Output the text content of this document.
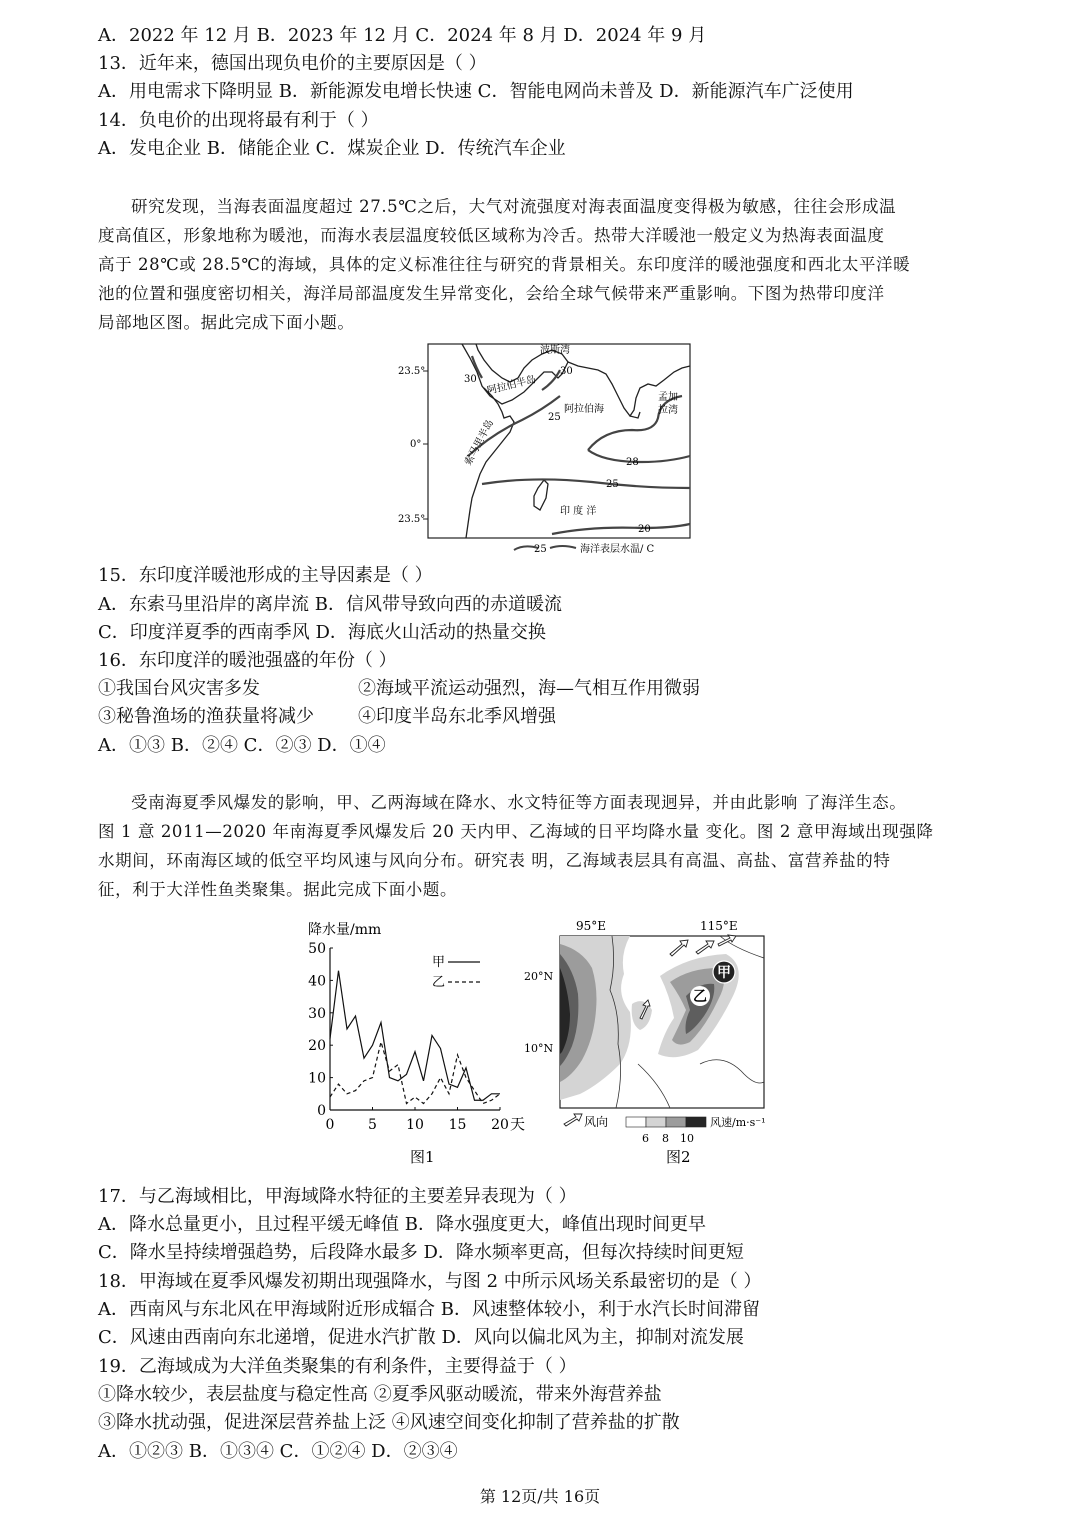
A．2022 年 12 月 B．2023 年 12 月 C．2024 年 8 月 D．2024 年 9 月
13．近年来，德国出现负电价的主要原因是（ ）
A．用电需求下降明显 B．新能源发电增长快速 C．智能电网尚未普及 D．新能源汽车广泛使用
14．负电价的出现将最有利于（ ）
A．发电企业 B．储能企业 C．煤炭企业 D．传统汽车企业
研究发现，当海表面温度超过 27.5℃之后，大气对流强度对海表面温度变得极为敏感，往往会形成温
度高值区，形象地称为暖池，而海水表层温度较低区域称为冷舌。热带大洋暖池一般定义为热海表面温度
高于 28℃或 28.5℃的海域，具体的定义标准往往与研究的背景相关。东印度洋的暖池强度和西北太平洋暖
池的位置和强度密切相关，海洋局部温度发生异常变化，会给全球气候带来严重影响。下图为热带印度洋
局部地区图。据此完成下面小题。
23.5°
0°
23.5°
30
30
25
28
25
20
波斯湾
阿拉伯半岛
阿拉伯海
孟加
拉湾
索马里半岛
印 度 洋
25	海洋表层水温/ C
15．东印度洋暖池形成的主导因素是（ ）
A．东索马里沿岸的离岸流 B．信风带导致向西的赤道暖流
C．印度洋夏季的西南季风 D．海底火山活动的热量交换
16．东印度洋的暖池强盛的年份（ ）
①我国台风灾害多发	②海域平流运动强烈，海—气相互作用微弱
③秘鲁渔场的渔获量将减少 ④印度半岛东北季风增强
A．①③ B．②④ C．②③ D．①④
受南海夏季风爆发的影响，甲、乙两海域在降水、水文特征等方面表现迥异，并由此影响 了海洋生态。
图 1 意 2011—2020 年南海夏季风爆发后 20 天内甲、乙海域的日平均降水量 变化。图 2 意甲海域出现强降
水期间，环南海区域的低空平均风速与风向分布。研究表 明，乙海域表层具有高温、高盐、富营养盐的特
征，利于大洋性鱼类聚集。据此完成下面小题。
降水量/mm
0
10
20
30
40
50
0 5 10 15 20 天
甲
乙
图1
95°E	115°E
20°N
10°N
甲
乙
风向
6 8 10
风速/m·s⁻¹
图2
17．与乙海域相比，甲海域降水特征的主要差异表现为（ ）
A．降水总量更小，且过程平缓无峰值 B．降水强度更大，峰值出现时间更早
C．降水呈持续增强趋势，后段降水最多 D．降水频率更高，但每次持续时间更短
18．甲海域在夏季风爆发初期出现强降水，与图 2 中所示风场关系最密切的是（ ）
A．西南风与东北风在甲海域附近形成辐合 B．风速整体较小，利于水汽长时间滞留
C．风速由西南向东北递增，促进水汽扩散 D．风向以偏北风为主，抑制对流发展
19．乙海域成为大洋鱼类聚集的有利条件，主要得益于（ ）
①降水较少，表层盐度与稳定性高 ②夏季风驱动暖流，带来外海营养盐
③降水扰动强，促进深层营养盐上泛 ④风速空间变化抑制了营养盐的扩散
A．①②③ B．①③④ C．①②④ D．②③④
第 12页/共 16页
